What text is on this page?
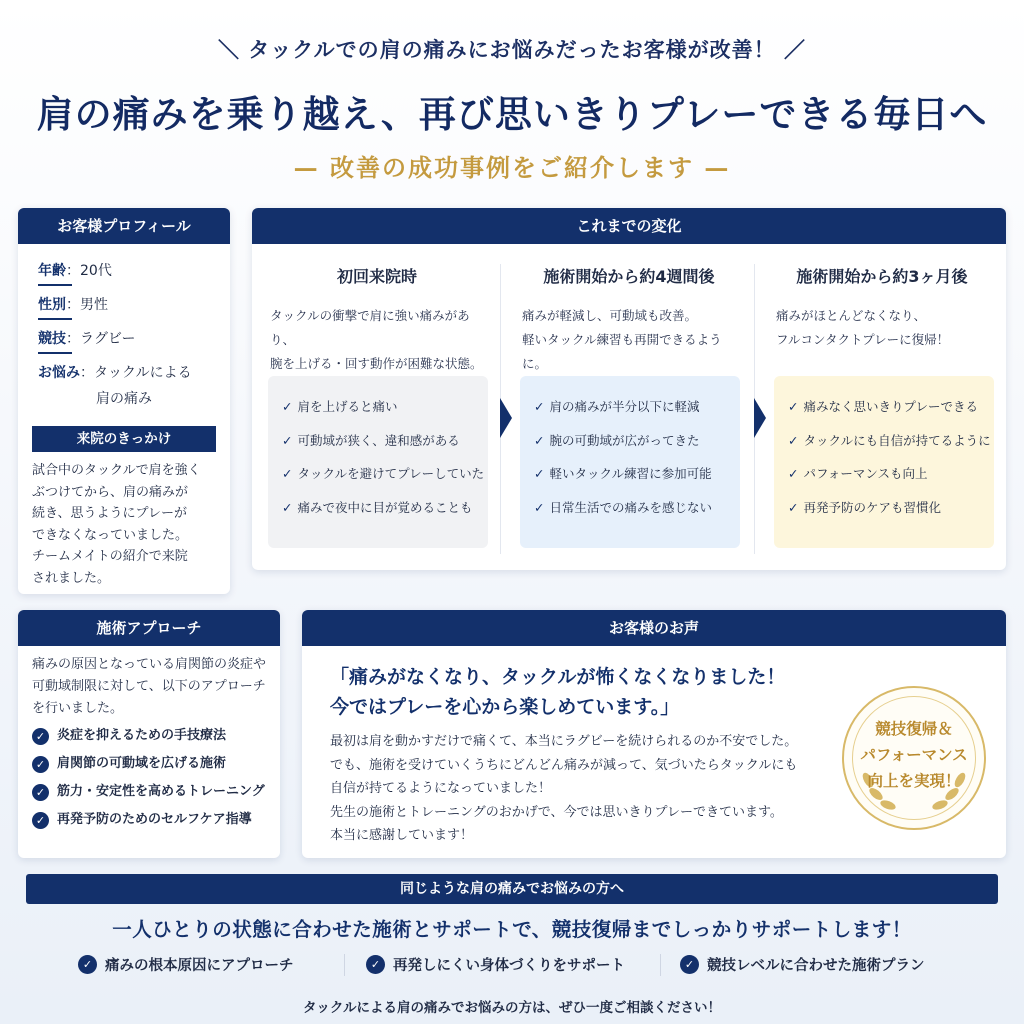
＼ タックルでの肩の痛みにお悩みだったお客様が改善！ ／
肩の痛みを乗り越え、再び思いきりプレーできる毎日へ
— 改善の成功事例をご紹介します —
お客様プロフィール
年齢：20代
性別：男性
競技：ラグビー
お悩み：タックルによる
肩の痛み
来院のきっかけ
試合中のタックルで肩を強く
ぶつけてから、肩の痛みが
続き、思うようにプレーが
できなくなっていました。
チームメイトの紹介で来院
されました。
これまでの変化
初回来院時
タックルの衝撃で肩に強い痛みがあり、
腕を上げる・回す動作が困難な状態。
✓ 肩を上げると痛い
✓ 可動域が狭く、違和感がある
✓ タックルを避けてプレーしていた
✓ 痛みで夜中に目が覚めることも
施術開始から約4週間後
痛みが軽減し、可動域も改善。
軽いタックル練習も再開できるように。
✓ 肩の痛みが半分以下に軽減
✓ 腕の可動域が広がってきた
✓ 軽いタックル練習に参加可能
✓ 日常生活での痛みを感じない
施術開始から約3ヶ月後
痛みがほとんどなくなり、
フルコンタクトプレーに復帰！
✓ 痛みなく思いきりプレーできる
✓ タックルにも自信が持てるように
✓ パフォーマンスも向上
✓ 再発予防のケアも習慣化
施術アプローチ
痛みの原因となっている肩関節の炎症や
可動域制限に対して、以下のアプローチ
を行いました。
✓ 炎症を抑えるための手技療法
✓ 肩関節の可動域を広げる施術
✓ 筋力・安定性を高めるトレーニング
✓ 再発予防のためのセルフケア指導
お客様のお声
「痛みがなくなり、タックルが怖くなくなりました！
今ではプレーを心から楽しめています。」
最初は肩を動かすだけで痛くて、本当にラグビーを続けられるのか不安でした。
でも、施術を受けていくうちにどんどん痛みが減って、気づいたらタックルにも
自信が持てるようになっていました！
先生の施術とトレーニングのおかげで、今では思いきりプレーできています。
本当に感謝しています！
競技復帰＆
パフォーマンス
向上を実現！
同じような肩の痛みでお悩みの方へ
一人ひとりの状態に合わせた施術とサポートで、競技復帰までしっかりサポートします！
✓ 痛みの根本原因にアプローチ	✓ 再発しにくい身体づくりをサポート	✓ 競技レベルに合わせた施術プラン
タックルによる肩の痛みでお悩みの方は、ぜひ一度ご相談ください！
